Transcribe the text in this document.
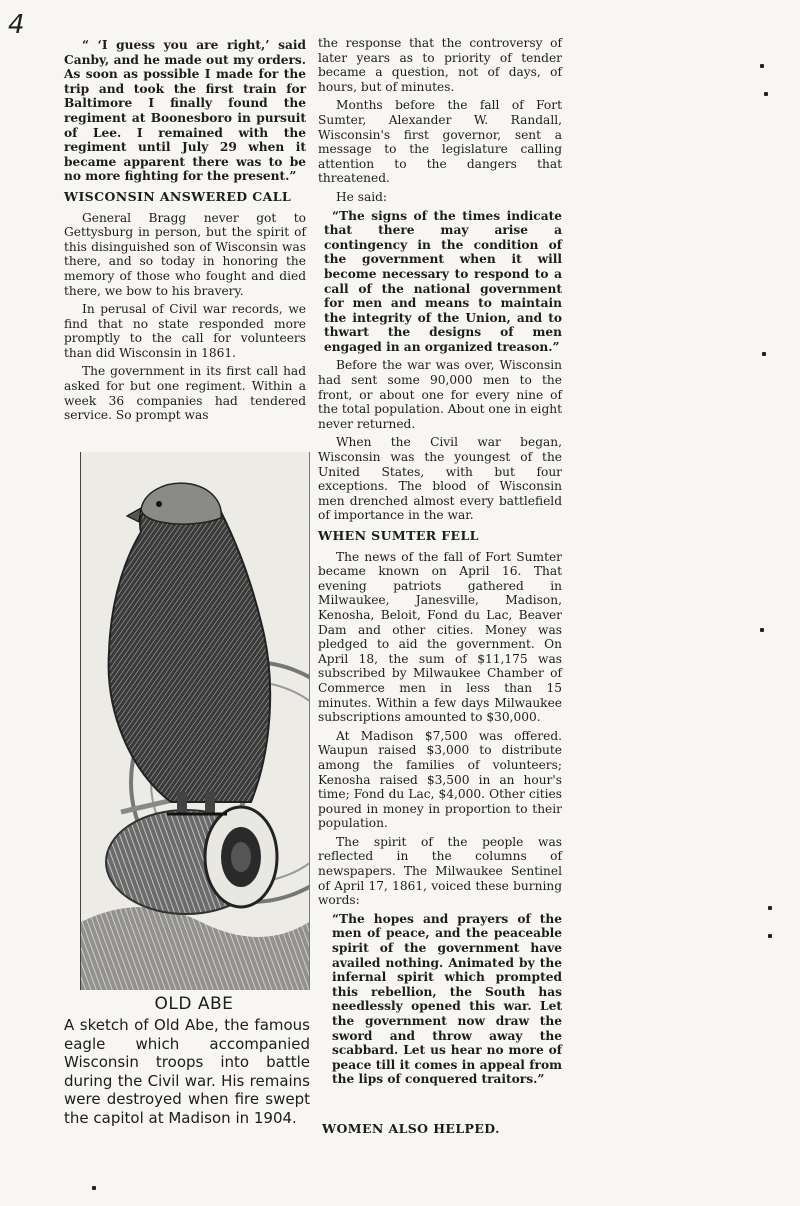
4

“ ‘I guess you are right,’ said Canby, and he made out my orders. As soon as possible I made for the trip and took the first train for Baltimore I finally found the regiment at Boonesboro in pursuit of Lee. I remained with the regiment until July 29 when it became apparent there was to be no more fighting for the present.”

WISCONSIN ANSWERED CALL

General Bragg never got to Gettysburg in person, but the spirit of this disinguished son of Wisconsin was there, and so today in honoring the memory of those who fought and died there, we bow to his bravery.

In perusal of Civil war records, we find that no state responded more promptly to the call for volunteers than did Wisconsin in 1861.

The government in its first call had asked for but one regiment. Within a week 36 companies had tendered service. So prompt was

OLD ABE
A sketch of Old Abe, the famous eagle which accompanied Wisconsin troops into battle during the Civil war. His remains were destroyed when fire swept the capitol at Madison in 1904.

the response that the controversy of later years as to priority of tender became a question, not of days, of hours, but of minutes.

Months before the fall of Fort Sumter, Alexander W. Randall, Wisconsin's first governor, sent a message to the legislature calling attention to the dangers that threatened.

He said:

“The signs of the times indicate that there may arise a contingency in the condition of the government when it will become necessary to respond to a call of the national government for men and means to maintain the integrity of the Union, and to thwart the designs of men engaged in an organized treason.”

Before the war was over, Wisconsin had sent some 90,000 men to the front, or about one for every nine of the total population. About one in eight never returned.

When the Civil war began, Wisconsin was the youngest of the United States, with but four exceptions. The blood of Wisconsin men drenched almost every battlefield of importance in the war.

WHEN SUMTER FELL

The news of the fall of Fort Sumter became known on April 16. That evening patriots gathered in Milwaukee, Janesville, Madison, Kenosha, Beloit, Fond du Lac, Beaver Dam and other cities. Money was pledged to aid the government. On April 18, the sum of $11,175 was subscribed by Milwaukee Chamber of Commerce men in less than 15 minutes. Within a few days Milwaukee subscriptions amounted to $30,000.

At Madison $7,500 was offered. Waupun raised $3,000 to distribute among the families of volunteers; Kenosha raised $3,500 in an hour's time; Fond du Lac, $4,000. Other cities poured in money in proportion to their population.

The spirit of the people was reflected in the columns of newspapers. The Milwaukee Sentinel of April 17, 1861, voiced these burning words:

“The hopes and prayers of the men of peace, and the peaceable spirit of the government have availed nothing. Animated by the infernal spirit which prompted this rebellion, the South has needlessly opened this war. Let the government now draw the sword and throw away the scabbard. Let us hear no more of peace till it comes in appeal from the lips of conquered traitors.”

WOMEN ALSO HELPED.
